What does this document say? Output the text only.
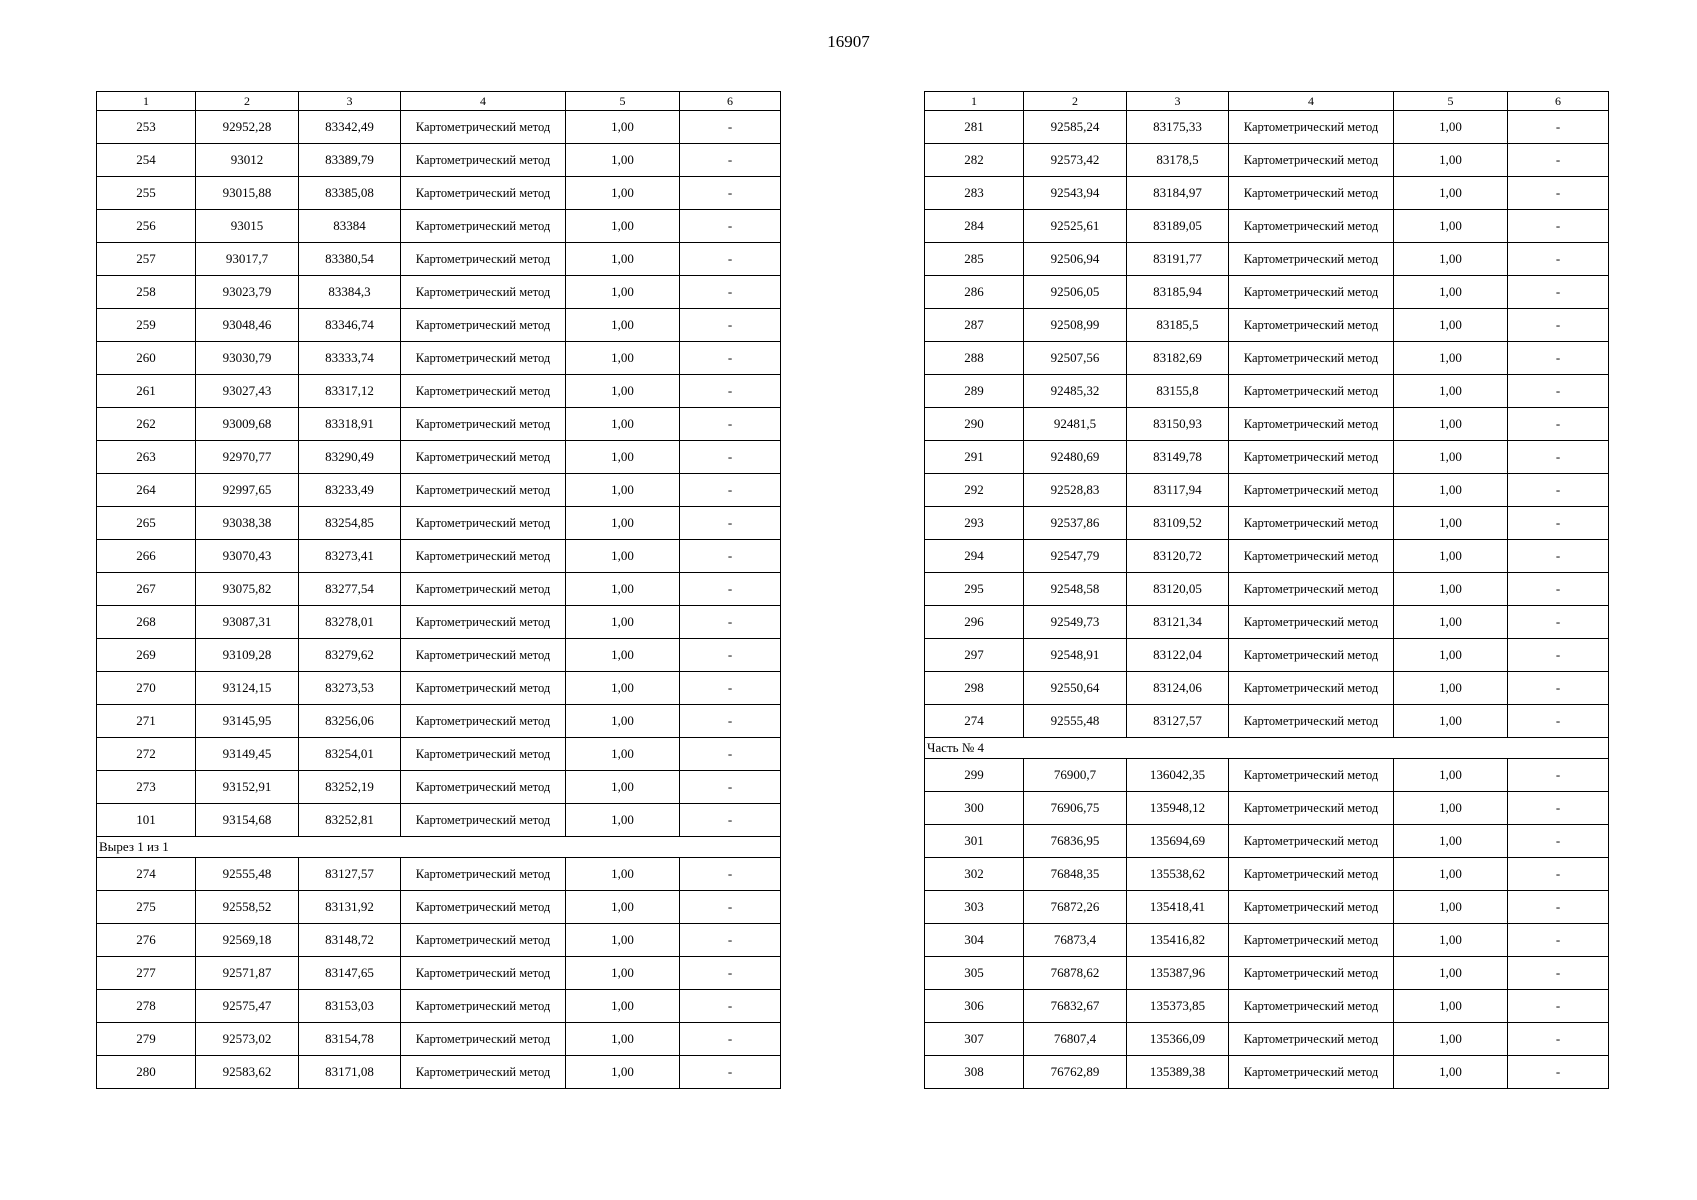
16907
1	2	3	4	5	6
253	92952,28	83342,49	Картометрический метод	1,00	-
254	93012	83389,79	Картометрический метод	1,00	-
255	93015,88	83385,08	Картометрический метод	1,00	-
256	93015	83384	Картометрический метод	1,00	-
257	93017,7	83380,54	Картометрический метод	1,00	-
258	93023,79	83384,3	Картометрический метод	1,00	-
259	93048,46	83346,74	Картометрический метод	1,00	-
260	93030,79	83333,74	Картометрический метод	1,00	-
261	93027,43	83317,12	Картометрический метод	1,00	-
262	93009,68	83318,91	Картометрический метод	1,00	-
263	92970,77	83290,49	Картометрический метод	1,00	-
264	92997,65	83233,49	Картометрический метод	1,00	-
265	93038,38	83254,85	Картометрический метод	1,00	-
266	93070,43	83273,41	Картометрический метод	1,00	-
267	93075,82	83277,54	Картометрический метод	1,00	-
268	93087,31	83278,01	Картометрический метод	1,00	-
269	93109,28	83279,62	Картометрический метод	1,00	-
270	93124,15	83273,53	Картометрический метод	1,00	-
271	93145,95	83256,06	Картометрический метод	1,00	-
272	93149,45	83254,01	Картометрический метод	1,00	-
273	93152,91	83252,19	Картометрический метод	1,00	-
101	93154,68	83252,81	Картометрический метод	1,00	-
Вырез 1 из 1					
274	92555,48	83127,57	Картометрический метод	1,00	-
275	92558,52	83131,92	Картометрический метод	1,00	-
276	92569,18	83148,72	Картометрический метод	1,00	-
277	92571,87	83147,65	Картометрический метод	1,00	-
278	92575,47	83153,03	Картометрический метод	1,00	-
279	92573,02	83154,78	Картометрический метод	1,00	-
280	92583,62	83171,08	Картометрический метод	1,00	-
1	2	3	4	5	6
281	92585,24	83175,33	Картометрический метод	1,00	-
282	92573,42	83178,5	Картометрический метод	1,00	-
283	92543,94	83184,97	Картометрический метод	1,00	-
284	92525,61	83189,05	Картометрический метод	1,00	-
285	92506,94	83191,77	Картометрический метод	1,00	-
286	92506,05	83185,94	Картометрический метод	1,00	-
287	92508,99	83185,5	Картометрический метод	1,00	-
288	92507,56	83182,69	Картометрический метод	1,00	-
289	92485,32	83155,8	Картометрический метод	1,00	-
290	92481,5	83150,93	Картометрический метод	1,00	-
291	92480,69	83149,78	Картометрический метод	1,00	-
292	92528,83	83117,94	Картометрический метод	1,00	-
293	92537,86	83109,52	Картометрический метод	1,00	-
294	92547,79	83120,72	Картометрический метод	1,00	-
295	92548,58	83120,05	Картометрический метод	1,00	-
296	92549,73	83121,34	Картометрический метод	1,00	-
297	92548,91	83122,04	Картометрический метод	1,00	-
298	92550,64	83124,06	Картометрический метод	1,00	-
274	92555,48	83127,57	Картометрический метод	1,00	-
Часть № 4					
299	76900,7	136042,35	Картометрический метод	1,00	-
300	76906,75	135948,12	Картометрический метод	1,00	-
301	76836,95	135694,69	Картометрический метод	1,00	-
302	76848,35	135538,62	Картометрический метод	1,00	-
303	76872,26	135418,41	Картометрический метод	1,00	-
304	76873,4	135416,82	Картометрический метод	1,00	-
305	76878,62	135387,96	Картометрический метод	1,00	-
306	76832,67	135373,85	Картометрический метод	1,00	-
307	76807,4	135366,09	Картометрический метод	1,00	-
308	76762,89	135389,38	Картометрический метод	1,00	-
